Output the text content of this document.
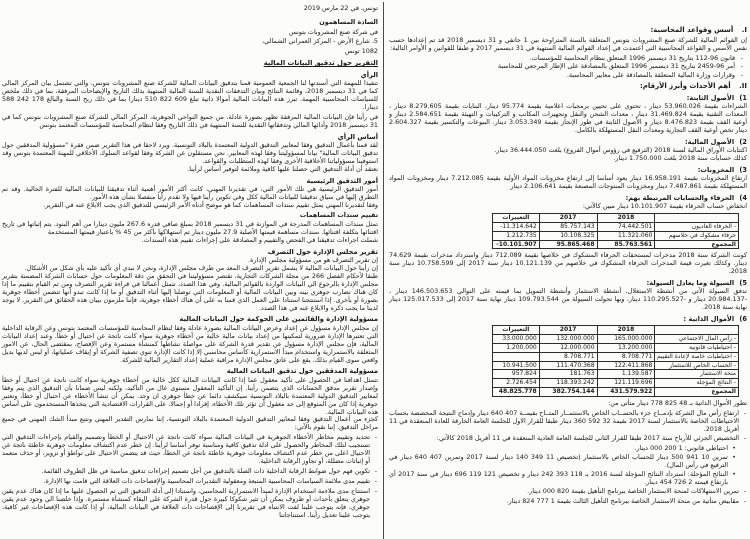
I. أسس وقواعد المحاسبة:
إن القوائم المالية للشركة صنع المشروبات بتونس المتعلقة بالسنة المتراوحة بين 1 جانفي و 31 ديسمبر 2018 قد تم إعدادها حسب نفس الأسس و القواعد المحاسبية التي اعتمدت في إعداد القوائم المالية المنتهية في 31 ديسمبر 2017 و طبقا للقوانين و الأوامر التالية:
- قانون 96-112 بتاريخ 31 ديسمبر 1996 المتعلق بنظام المحاسبة للمؤسسات.
- أمر 96-2459 بتاريخ 31 ديسمبر 1996 المتعلق بالمصادقة على الإطار المرجعي للمحاسبة
- وقرارات وزارة المالية المتعلقة بالمصادقة على معايير المحاسبة.
II. أهم الأحداث وأبرز الأرقام:
1) الأصول الثابتة:
الشراءات بقيمة 53.960.026 دينار ، تحتوي على تحيين برمجيات اعلامية بقيمة 95.774 دينار، البنايات بقيمة 8.279.605 دينار ، المعدات التقنية بقيمة 31.469.824 دينار ، معدات الشحن والنقل وتجهيزات المكاتب و التركيبات و التهيئة بقيمة 2.584.651 دينار و أوعية القف بقيمة 8.476.823 دينار و الأصول الثابتة في طور الإنجاز بقيمة 3.053.349 دينار. البيوعات والتكسير بقيمة 2.604.327 دينار تخص أوعية القف التجارية ومعدات النقل المستهلكة بالكامل.
2) الأصول المالية:
اكتتابات الأوراق المالية لسنة 2018 (الترفيع في رؤوس أموال الفروع) بلغت 36.444.050 دينار.
كذلك حسابات سنة 2018 بلغت 1.750.000 دينار.
3) المخزونات:
ارتفاع المخزونات بقيمة 16.958.191 دينار يعود أساسا إلى ارتفاع مخزونات المواد الأولية بقيمة 7.212.085 دينار ومخزونات المواد المستهلكة بقيمة 7.487.861 دينار ومخزونات المنتوجات المصنعة بقيمة 2.106.641 دينار
4) الحرفاء والحسابات المرتبطة بهم:
انخفاض حساب الحرفاء بقيمة 10.101.907 دينار مبين كالآتي:
	2018	2017	التغييرات
- الحرفاء العاديون	74.442.501	85.757.143	-11.314.642
حرفاء مشكوك في خلاصهم	11.321.060	10.108.325	1.212.735
المجموع	85.763.561	95.865.468	-10.101.907
كونت الشركة سنة 2018 مدخرات لمستحقات الحرفاء المشكوك في خلاصها بقيمة 712.089 دينار واسترداد مدخرات بقيمة 74.629 دينار. وكذلك تغيرت قيمة المدخرات الحرفاء المشكوك في خلاصهم من 10.121.139 دينار سنة 2017 إلى 10.758.599 دينار سنة 2018.
5) السيولة وما يعادل السيولة:
تدفق السيولة الآتي من أنشطة الاستغلال، أنشطة الاستثمار وأنشطة التمويل بما قيمته على التوالي 146.503.653 دينار ، -20.984.137 دينار و -110.295.527 دينار، وبها تحولت السيولة من 109.793.544 دينار نهاية سنة 2017 إلى 125.017.533 دينار نهاية سنة 2018.
6) الأموال الذاتية :
	2018	2017	التغييرات
- رأس المال الاجتماعي	165.000.000	132.000.000	33.000.000
- احتياطيات قانونية	13.200.000	12.000.000	1.200.000
- احتياطيات خاصة لإعادة التقييم	8.708.771	8.708.771	
- الحساب الخاص للاستثمار	122.411.868	111.470.368	10.941.500
منحة الاستثمار	1.139.587	181.763	957.824
- النتائج المؤجلة	121.119.696	118.393.242	2.726.454
المجموع	431.579.922	382.754.144	48.825.778
تطور الأموال الذاتية بـ 48 825 778 دينار متأتي من:
- ارتفاع رأس مال الشركة بإدمــاج جزء بالحســاب الخاص بالاستثمــار المتــاح بقيمــة 407 640 دينار وإدماج النتيجة المخصصة بحساب الاحتياطات الخاصة بالاستثمار لسنة 2017 بقيمة 32 592 360 دينار طبقا للقرار الاول للجلسة العامة الخارقة للعادة المنعقدة في 11 أفريل 2018.
- التخصيص الجزئي للأرباح سنة 2017 طبقا للقرار الثاني للجلسة العامة العادية المنعقدة في 11 أفريل 2018 كالآتي:
• احتياطي قانوني: 1 200 000 دينار.
• تمرين 10 941 500 دينار للحساب الخاص بالاستثمار (تخصيص 11 349 140 دينار لسنة 2017 وتمرين 407 640 دينار في الترفيع في رأس المال).
• النتائج المؤجلة: استرداد النتائج المؤجلة لسنة 2016 بـ 118 393 242 دينار و تخصيص 121 119 696 دينار في سنة 2017 أي بارتفاع قيمته 2 726 454 دينار.
- تمرين الاستهلاكات لمنحة الاستثمار الخاصة ببرنامج التأهيل بقيمة 820 000 دينار.
- مقابيض متأتية من منحة الاستثمار الخاصة ببرنامج التأهيل الثالث بقيمة 1 777 824 دينار.
تونس، في 22 مارس 2019
السادة المساهمون
في شركة صنع المشروبات بتونس
5، شارع الأرض - المركز العمراني الشمالي،
1082 تونس
التقرير حول تدقيق البيانات المالية
الرأي
تنفيذا للمهمة التي أسندتها لنا الجمعية العمومية قمنا بتدقيق البيانات المالية للشركة صنع المشروبات بتونس، والتي تشتمل بيان المركز المالي كما في 31 ديسمبر 2018، وقائمة النتائج وبيان التدفقات النقدية للسنة المالية المنتهية بذلك التاريخ والإيضاحات المرفقة، بما في ذلك ملخص للسياسات المحاسبية المهمة. تبرز هذه البيانات المالية أموالا ذاتية تبلغ 609 822 510 دينارا بما في ذلك ربح السنة والبالغ 178 242 588 دينارا.
في رأينا فإن البيانات المالية المرفقة تظهر بصورة عادلة، من جميع النواحي الجوهرية، المركز المالي للشركة صنع المشروبات بتونس كما في 31 ديسمبر 2018 وأدائها المالي وتدفقاتها النقدية للسنة المنتهية في ذلك التاريخ وفقا لنظام المحاسبة للمؤسسات المعتمد بتونس
أساس الرأي
لقد قمنا بأعمال التدقيق وفقا لمعايير التدقيق الدولية المعتمدة بالبلاد التونسية. ويرد لاحقا في هذا التقرير ضمن فقرة "مسؤولية المدققين حول تدقيق البيانات المالية" بيانا لمسؤوليتنا وفقا لهذه المعايير. نحن مستقلون عن الشركة وفقا لقواعد السلوك الأخلاقي للمهنة المعتمدة بتونس وقد استوفينا مسؤولياتنا الأخلاقية الأخرى وفقا لهذه المتطلبات والقواعد.
نعتقد أن أدلة التدقيق التي حصلنا عليها كافية وملائمة لتوفير أساس لرأينا.
أمور التدقيق الرئيسية
أمور التدقيق الرئيسية هي تلك الأمور التي، في تقديرنا المهني، كانت أكثر الأمور أهمية أثناء تدقيقنا للبيانات المالية للفترة الحالية. وقد تم التطرق إليها في سياق تدقيقنا للبيانات المالية ككل وفي تكوين رأينا فيها ولا نقدم رأيا منفصلا بشأن هذه الأمور.
وفقا لتقديرنا المهني يمثل تقييم سندات المساهمات كما هو موضح أدناه الأمر الرئيسي للتدقيق الذي يجب الابلاغ عنه في التقرير.
تقييم سندات المساهمات
تمثل سندات المساهمات المدرجة في الموازنة في 31 ديسمبر 2018 بمبلغ صافي قدره 267.6 مليون دينارا من أهم البنود. يتم إثباتها في تاريخ اقتنائها بتكلفة اقتنائها. سندات مساهمة قيمتها الأصلية 27.9 مليون دينار تم استهلاكها بأكثر من 45 % باعتبار قيمتها المستخدمة
شملت اجراءات تدقيقنا في الفحص والتقييم و المصادقة على إجراءات تقييم هذه السندات.
تقرير مجلس الإدارة حول التصرف
إن تقرير التصرف هو من مسؤولية مجلس الإدارة.
إن رأينا حول البيانات المالية لا يشمل تقرير التصرف المعد من طرف مجلس الإدارة، ونحن لا نبدي أي تأكيد عليه بأي شكل من الأشكال.
طبقا لأحكام الفصل 266 من مجلة الشركات التجارية، تقتصر مسؤوليتنا في التحقق من دقة المعلومات حول حسابات الشركة المضمنة بتقرير مجلس الإدارة بالرجوع الي البيانات الواردة بالقوائم المالية. وفي هذا الصدد، تتمثل أعمالنا في قراءة تقرير التصرف ومن ثم القيام بتقييم ما إذا كان هناك تضارب جوهري بينه وبين البيانات المالية أو المعلومات التي توصلنا إليها أثناء التدقيق أو ما إذا كانت تبدو أنها تتضمن أخطاء جوهرية بصورة أو بأخرى. إذا استنتجنا استنادا على العمل الذي قمنا به على أن هناك أخطاء جوهرية، فإننا ملزمون ببيان هذه الحقائق في التقرير. لا يوجد لدينا ما يجب ذكره والابلاغ عنه في هذا الصدد.
مسؤولية الإدارة والقائمين على الحوكمة حول البيانات المالية
إن مجلس الإدارة مسؤول عن إعداد وعرض البيانات المالية بصورة عادلة وفقا لنظام المحاسبة للمؤسسات المعتمد بتونس وعن الرقابة الداخلية التي تعتبرها الإدارة ضرورية لتمكينها من إعداد بيانات مالية خالية من أخطاء جوهرية سواء كانت ناتجة عن احتيال أو خطأ. وعند إعداد البيانات المالية، فإن مجلس الإدارة مسؤول عن تقدير قدرة الشركة على مواصلة نشاطها كمنشأة مستمرة وعن الإفصاح، بمقتضى الحال، عن الامور المتعلقة بالاستمرارية واستخدام مبدأ الاستمرارية كأساس محاسبي إلا إذا كانت الإدارة تنوي تصفية الشركة أو إيقاف عملياتها، أو ليس لديها بديل واقعي سوى القيام بذلك. يقع على عاتق مجلس الإدارة مراقبة عملية إعداد التقارير المالية للشركة.
مسؤولية المدققين حول تدقيق البيانات المالية
تتمثل اهدافنا في الحصول على تأكيد معقول عما إذا كانت البيانات المالية ككل خالية من أخطاء جوهرية سواء كانت ناتجة عن احتيال أو خطأ وإصدار تقرير مدقق الحسابات الذي يتضمن رأينا. إن التأكيد المعقول مستوى عال من التأكيد، ولكنه ليس ضمانا بأن التدقيق الذي يتم وفقا لمعايير التدقيق الدولية المعتمدة بالبلاد التونسية سيكشف دائما عن خطأ جوهري ان وجد. يمكن أن تنشأ الأخطاء عن احتيال أو خطأ، وتعتبر جوهرية إذا كان من المتوقع إلى حد معقول أن تؤثر تلك الأخطاء، إفرادا أو إجمالا، على القرارات الاقتصادية التي يتخذها المستخدمون على أساس هذه البيانات المالية.
كجزء من أعمال التدقيق وفقا لمعايير التدقيق الدولية المعتمدة بالبلاد التونسية، إننا نمارس التقدير المهني ونتبع مبدأ الشك المهني في جميع مراحل التدقيق. إننا نقوم بالآتي:
- تحديد وتقييم مخاطر الأخطاء الجوهرية في البيانات المالية سواء كانت ناتجة عن الاحتيال أو الخطأ وتصميم والقيام بإجراءات التدقيق التي تستجيب لتلك المخاطر والحصول على ادلة تدقيق كافية ومناسبة توفر أساسا لرأينا. إن خطر عدم اكتشاف معلومات جوهرية خاطئة ناتجة عن الاحتيال اعلى من خطر عدم اكتشاف معلومات جوهرية خاطئة ناتجة عن الخطأ، حيث قد يتضمن الاحتيال على تواطؤ أو تزوير، أو حذف متعمد أو إثباتات مضللة، أو تجاوز الرقابة الداخلية.
- تكوين فهم حول ضوابط الرقابة الداخلية ذات الصلة بالتدقيق من أجل تصميم إجراءات تدقيق مناسبة في ظل الظروف القائمة.
- تقييم مدى ملائمة السياسات المحاسبية المتبعة ومعقولية التقديرات المحاسبية والإفصاحات ذات العلاقة التي قامت بها الإدارة.
- استنتاج مدى ملاءمة استخدام الإدارة لمبدأ الاستمرارية المحاسبي، واستنادا إلى أدلة التدقيق التي تم الحصول عليها ما إذا كان هناك عدم يقين جوهري يتعلق بأحداث أو ظروف يمكن أن تثير شكوكا كبيرة حول قدرة الشركة على البقاء كمنشأة مستمرة. وإذا خلصنا الي وجود عدم يقين جوهري، فإنه يتوجب علينا لفت الانتباه في تقريرنا إلى الإفصاحات ذات العلاقة في البيانات المالية، أو إذا كانت هذه الإفصاحات غير كافية، يتوجب علينا تعديل رأينا. استنتاجاتنا
